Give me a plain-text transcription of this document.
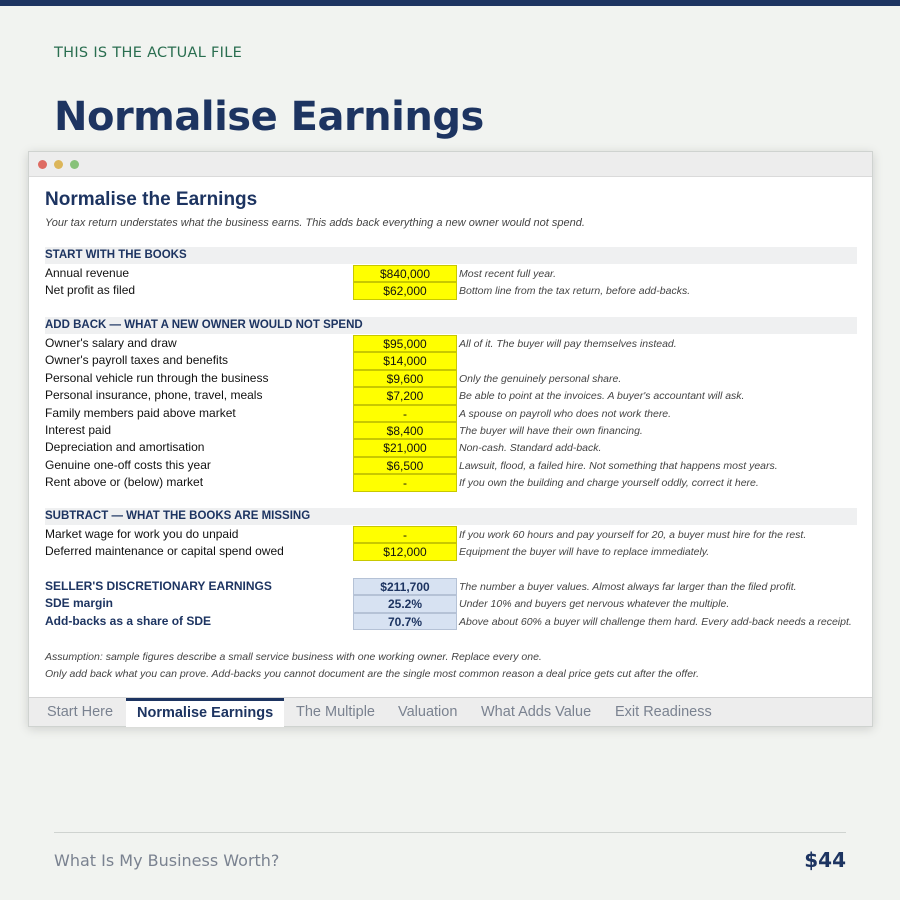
THIS IS THE ACTUAL FILE
Normalise Earnings
Normalise the Earnings
Your tax return understates what the business earns. This adds back everything a new owner would not spend.
START WITH THE BOOKS
Annual revenue	$840,000	Most recent full year.
Net profit as filed	$62,000	Bottom line from the tax return, before add-backs.
ADD BACK — WHAT A NEW OWNER WOULD NOT SPEND
Owner's salary and draw	$95,000	All of it. The buyer will pay themselves instead.
Owner's payroll taxes and benefits	$14,000
Personal vehicle run through the business	$9,600	Only the genuinely personal share.
Personal insurance, phone, travel, meals	$7,200	Be able to point at the invoices. A buyer's accountant will ask.
Family members paid above market	-	A spouse on payroll who does not work there.
Interest paid	$8,400	The buyer will have their own financing.
Depreciation and amortisation	$21,000	Non-cash. Standard add-back.
Genuine one-off costs this year	$6,500	Lawsuit, flood, a failed hire. Not something that happens most years.
Rent above or (below) market	-	If you own the building and charge yourself oddly, correct it here.
SUBTRACT — WHAT THE BOOKS ARE MISSING
Market wage for work you do unpaid	-	If you work 60 hours and pay yourself for 20, a buyer must hire for the rest.
Deferred maintenance or capital spend owed	$12,000	Equipment the buyer will have to replace immediately.
SELLER'S DISCRETIONARY EARNINGS	$211,700	The number a buyer values. Almost always far larger than the filed profit.
SDE margin	25.2%	Under 10% and buyers get nervous whatever the multiple.
Add-backs as a share of SDE	70.7%	Above about 60% a buyer will challenge them hard. Every add-back needs a receipt.
Assumption: sample figures describe a small service business with one working owner. Replace every one.
Only add back what you can prove. Add-backs you cannot document are the single most common reason a deal price gets cut after the offer.
Start Here	Normalise Earnings	The Multiple Valuation What Adds Value Exit Readiness
What Is My Business Worth?	$44
